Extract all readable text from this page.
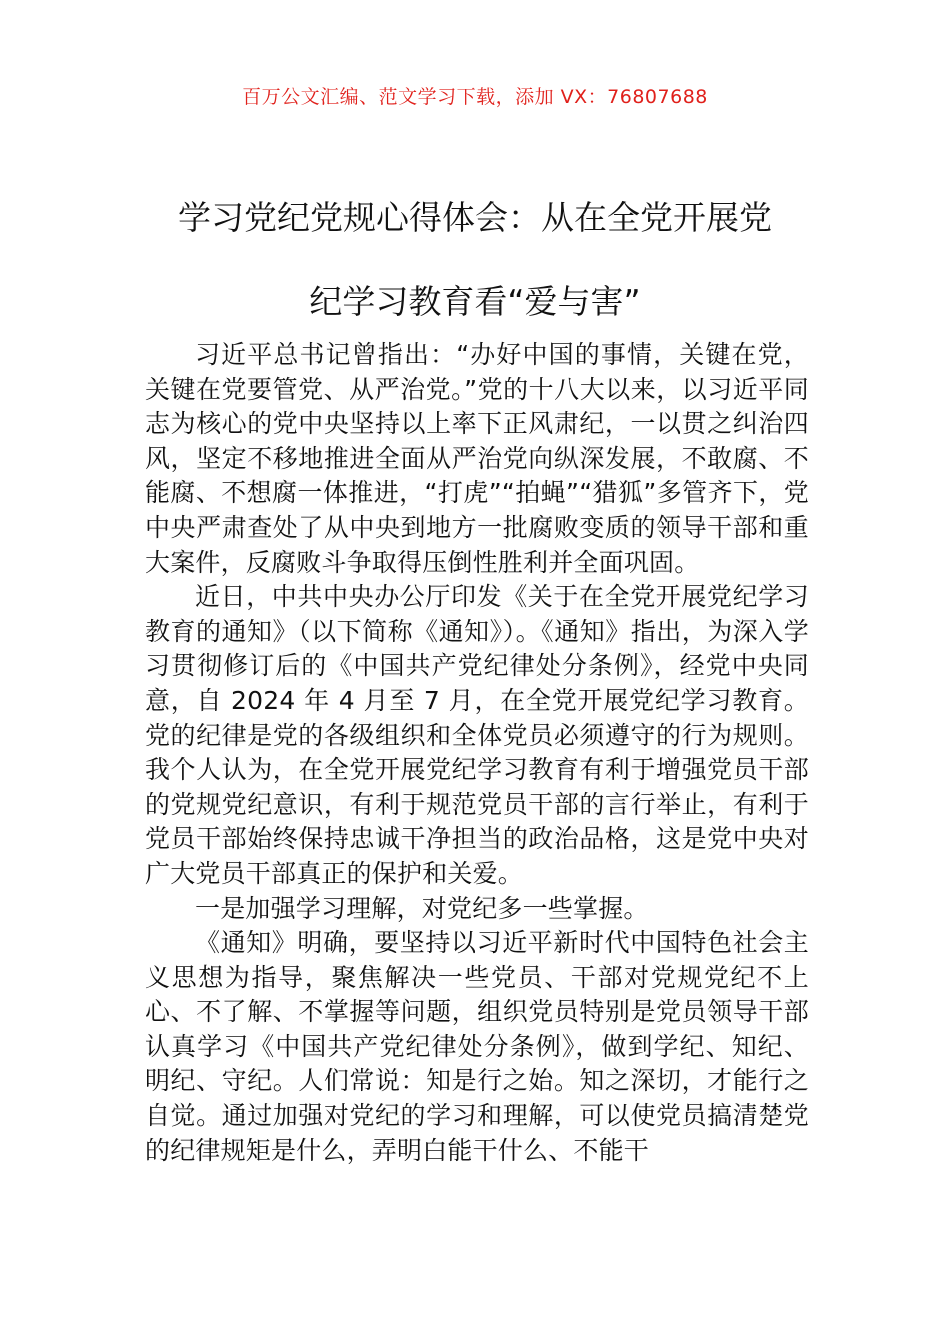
百万公文汇编、范文学习下载，添加 VX：76807688
学习党纪党规心得体会：从在全党开展党
纪学习教育看“爱与害”

习近平总书记曾指出：“办好中国的事情，关键在党，关键在党要管党、从严治党。”党的十八大以来，以习近平同志为核心的党中央坚持以上率下正风肃纪，一以贯之纠治四风，坚定不移地推进全面从严治党向纵深发展，不敢腐、不能腐、不想腐一体推进，“打虎”“拍蝇”“猎狐”多管齐下，党中央严肃查处了从中央到地方一批腐败变质的领导干部和重大案件，反腐败斗争取得压倒性胜利并全面巩固。

近日，中共中央办公厅印发《关于在全党开展党纪学习教育的通知》（以下简称《通知》）。《通知》指出，为深入学习贯彻修订后的《中国共产党纪律处分条例》，经党中央同意，自 2024 年 4 月至 7 月，在全党开展党纪学习教育。党的纪律是党的各级组织和全体党员必须遵守的行为规则。我个人认为，在全党开展党纪学习教育有利于增强党员干部的党规党纪意识，有利于规范党员干部的言行举止，有利于党员干部始终保持忠诚干净担当的政治品格，这是党中央对广大党员干部真正的保护和关爱。

一是加强学习理解，对党纪多一些掌握。

《通知》明确，要坚持以习近平新时代中国特色社会主义思想为指导，聚焦解决一些党员、干部对党规党纪不上心、不了解、不掌握等问题，组织党员特别是党员领导干部认真学习《中国共产党纪律处分条例》，做到学纪、知纪、明纪、守纪。人们常说：知是行之始。知之深切，才能行之自觉。通过加强对党纪的学习和理解，可以使党员搞清楚党的纪律规矩是什么，弄明白能干什么、不能干
